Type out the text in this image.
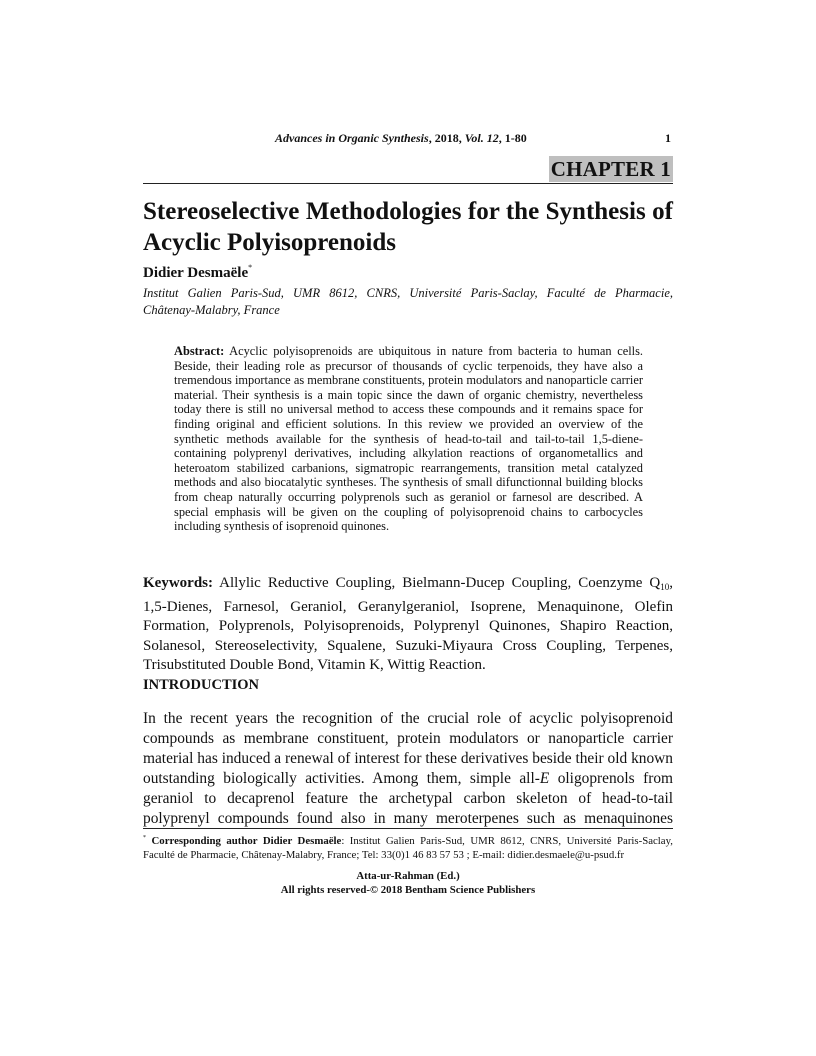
Advances in Organic Synthesis, 2018, Vol. 12, 1-80	1
CHAPTER 1
Stereoselective Methodologies for the Synthesis of
Acyclic Polyisoprenoids
Didier Desmaële*
Institut Galien Paris-Sud, UMR 8612, CNRS, Université Paris-Saclay, Faculté de Pharmacie,
Châtenay-Malabry, France
Abstract: Acyclic polyisoprenoids are ubiquitous in nature from bacteria to human cells. Beside, their leading role as precursor of thousands of cyclic terpenoids, they have also a tremendous importance as membrane constituents, protein modulators and nanoparticle carrier material. Their synthesis is a main topic since the dawn of organic chemistry, nevertheless today there is still no universal method to access these compounds and it remains space for finding original and efficient solutions. In this review we provided an overview of the synthetic methods available for the synthesis of head-to-tail and tail-to-tail 1,5-diene-containing polyprenyl derivatives, including alkylation reactions of organometallics and heteroatom stabilized carbanions, sigmatropic rearrangements, transition metal catalyzed methods and also biocatalytic syntheses. The synthesis of small difunctionnal building blocks from cheap naturally occurring polyprenols such as geraniol or farnesol are described. A special emphasis will be given on the coupling of polyisoprenoid chains to carbocycles including synthesis of isoprenoid quinones.
Keywords: Allylic Reductive Coupling, Bielmann-Ducep Coupling, Coenzyme $Q_{10}$, 1,5-Dienes, Farnesol, Geraniol, Geranylgeraniol, Isoprene, Menaquinone, Olefin Formation, Polyprenols, Polyisoprenoids, Polyprenyl Quinones, Shapiro Reaction, Solanesol, Stereoselectivity, Squalene, Suzuki-Miyaura Cross Coupling, Terpenes, Trisubstituted Double Bond, Vitamin K, Wittig Reaction.
INTRODUCTION
In the recent years the recognition of the crucial role of acyclic polyisoprenoid compounds as membrane constituent, protein modulators or nanoparticle carrier material has induced a renewal of interest for these derivatives beside their old known outstanding biologically activities. Among them, simple all-E oligoprenols from geraniol to decaprenol feature the archetypal carbon skeleton of head-to-tail polyprenyl compounds found also in many meroterpenes such as menaquinones
* Corresponding author Didier Desmaële: Institut Galien Paris-Sud, UMR 8612, CNRS, Université Paris-Saclay,
Faculté de Pharmacie, Châtenay-Malabry, France; Tel: 33(0)1 46 83 57 53 ; E-mail: didier.desmaele@u-psud.fr
Atta-ur-Rahman (Ed.)
All rights reserved-© 2018 Bentham Science Publishers
